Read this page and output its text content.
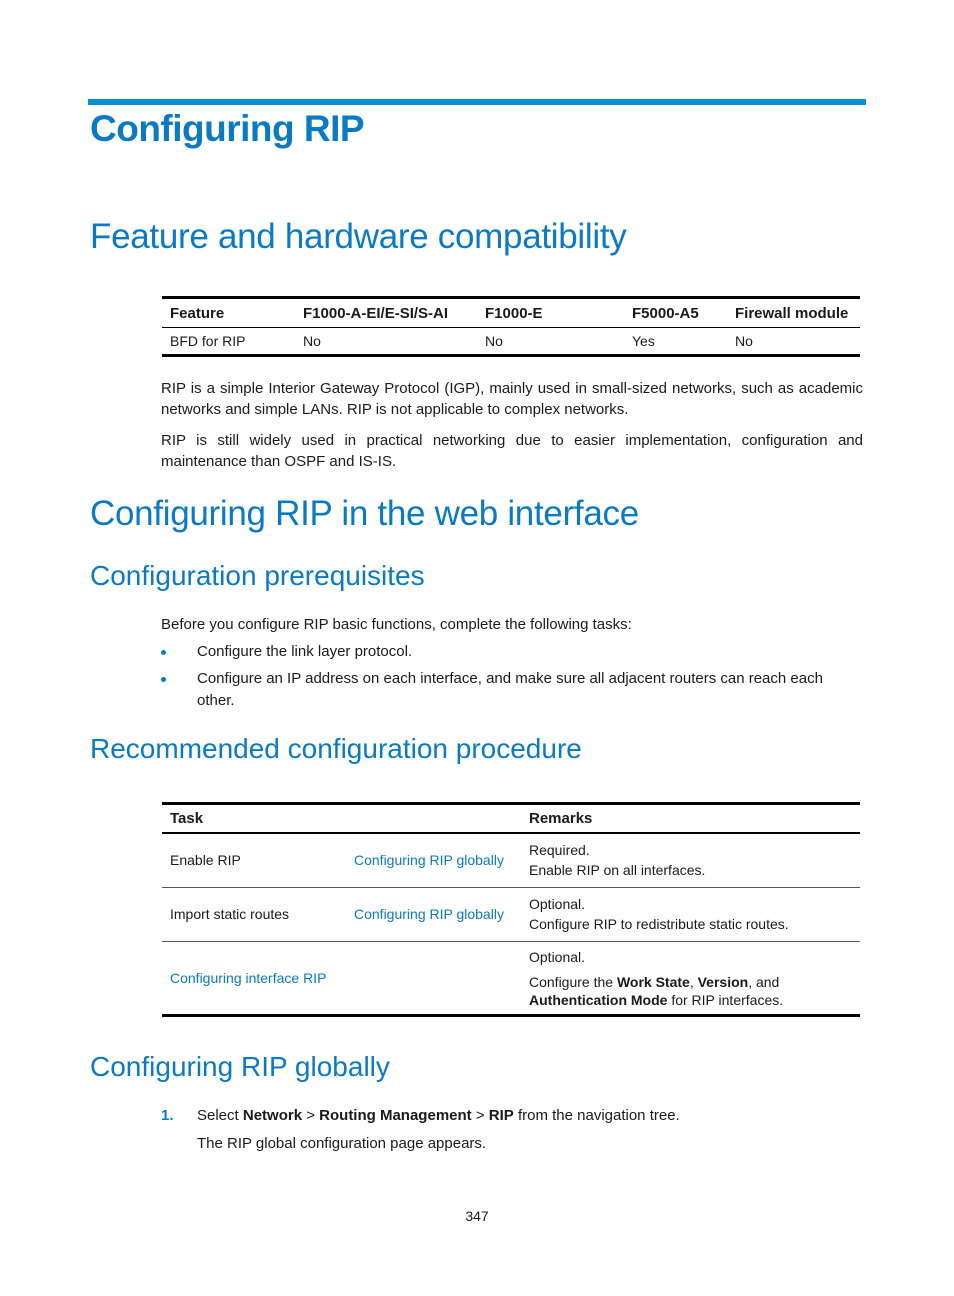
Configuring RIP
Feature and hardware compatibility
Feature	F1000-A-EI/E-SI/S-AI	F1000-E	F5000-A5	Firewall module
BFD for RIP	No	No	Yes	No

RIP is a simple Interior Gateway Protocol (IGP), mainly used in small-sized networks, such as academic networks and simple LANs. RIP is not applicable to complex networks.

RIP is still widely used in practical networking due to easier implementation, configuration and maintenance than OSPF and IS-IS.

Configuring RIP in the web interface
Configuration prerequisites

Before you configure RIP basic functions, complete the following tasks:

Configure the link layer protocol.
Configure an IP address on each interface, and make sure all adjacent routers can reach each other.
Recommended configuration procedure
Task		Remarks
Enable RIP	Configuring RIP globally	Required.
Enable RIP on all interfaces.

Import static routes	Configuring RIP globally	Optional.
Configure RIP to redistribute static routes.

Configuring interface RIP		Optional.
Configure the Work State, Version, and
Authentication Mode for RIP interfaces.
Configuring RIP globally
1. Select Network > Routing Management > RIP from the navigation tree.
The RIP global configuration page appears.
347
